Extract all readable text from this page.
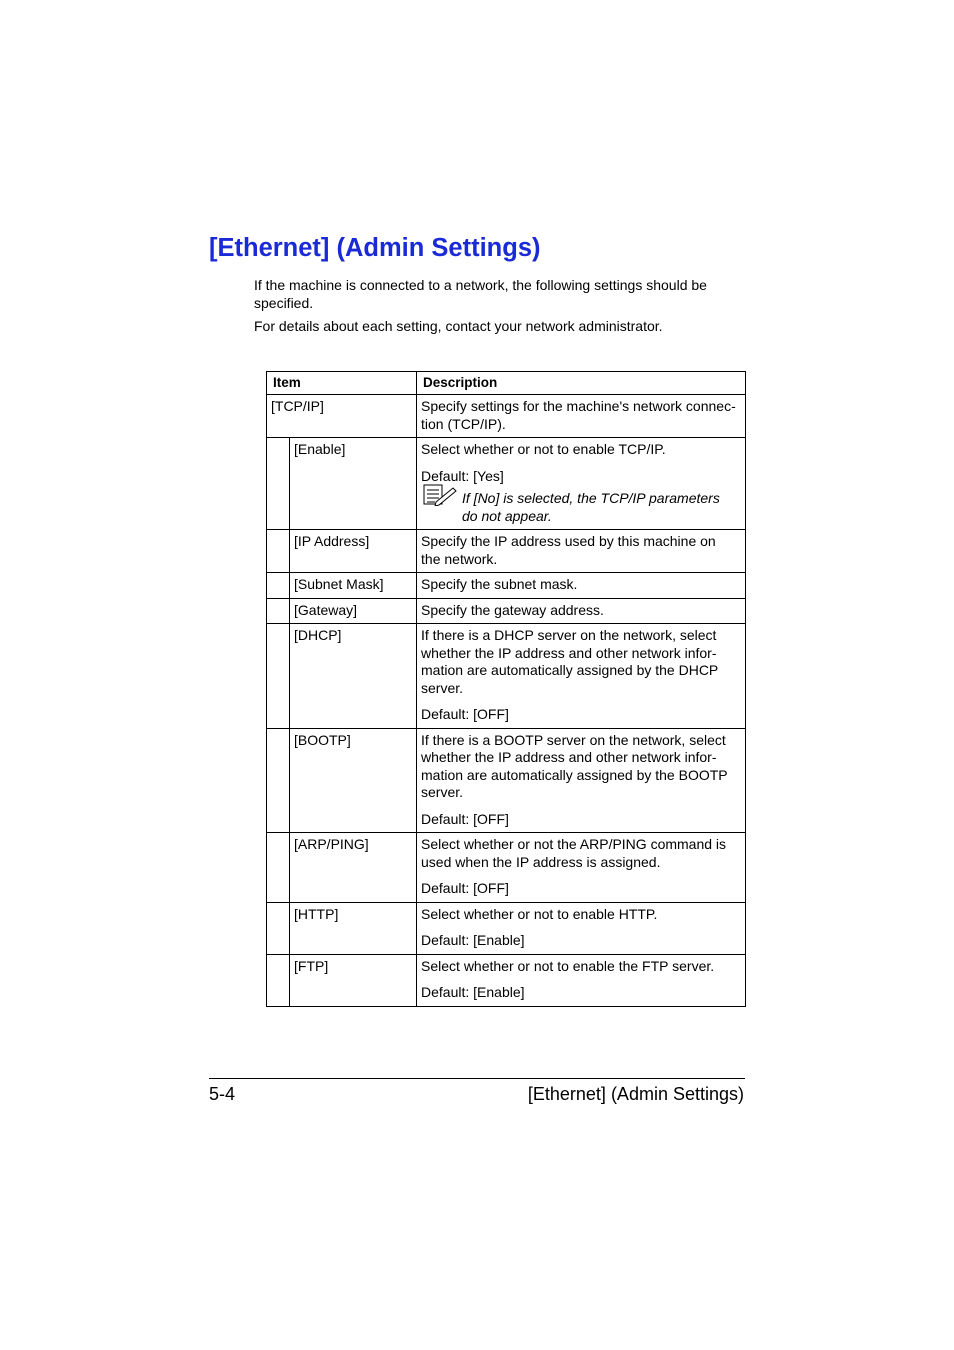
[Ethernet] (Admin Settings)

If the machine is connected to a network, the following settings should be specified.

For details about each setting, contact your network administrator.

Item		Description

[TCP/IP]		Specify settings for the machine's network connec-
tion (TCP/IP).

	[Enable]	Select whether or not to enable TCP/IP.
Default: [Yes]
If [No] is selected, the TCP/IP parameters
do not appear.

	[IP Address]	Specify the IP address used by this machine on
the network.

	[Subnet Mask]	Specify the subnet mask.

	[Gateway]	Specify the gateway address.

	[DHCP]	If there is a DHCP server on the network, select
whether the IP address and other network infor-
mation are automatically assigned by the DHCP
server.
Default: [OFF]

	[BOOTP]	If there is a BOOTP server on the network, select
whether the IP address and other network infor-
mation are automatically assigned by the BOOTP
server.
Default: [OFF]

	[ARP/PING]	Select whether or not the ARP/PING command is
used when the IP address is assigned.
Default: [OFF]

	[HTTP]	Select whether or not to enable HTTP.
Default: [Enable]

	[FTP]	Select whether or not to enable the FTP server.
Default: [Enable]
5-4	[Ethernet] (Admin Settings)
